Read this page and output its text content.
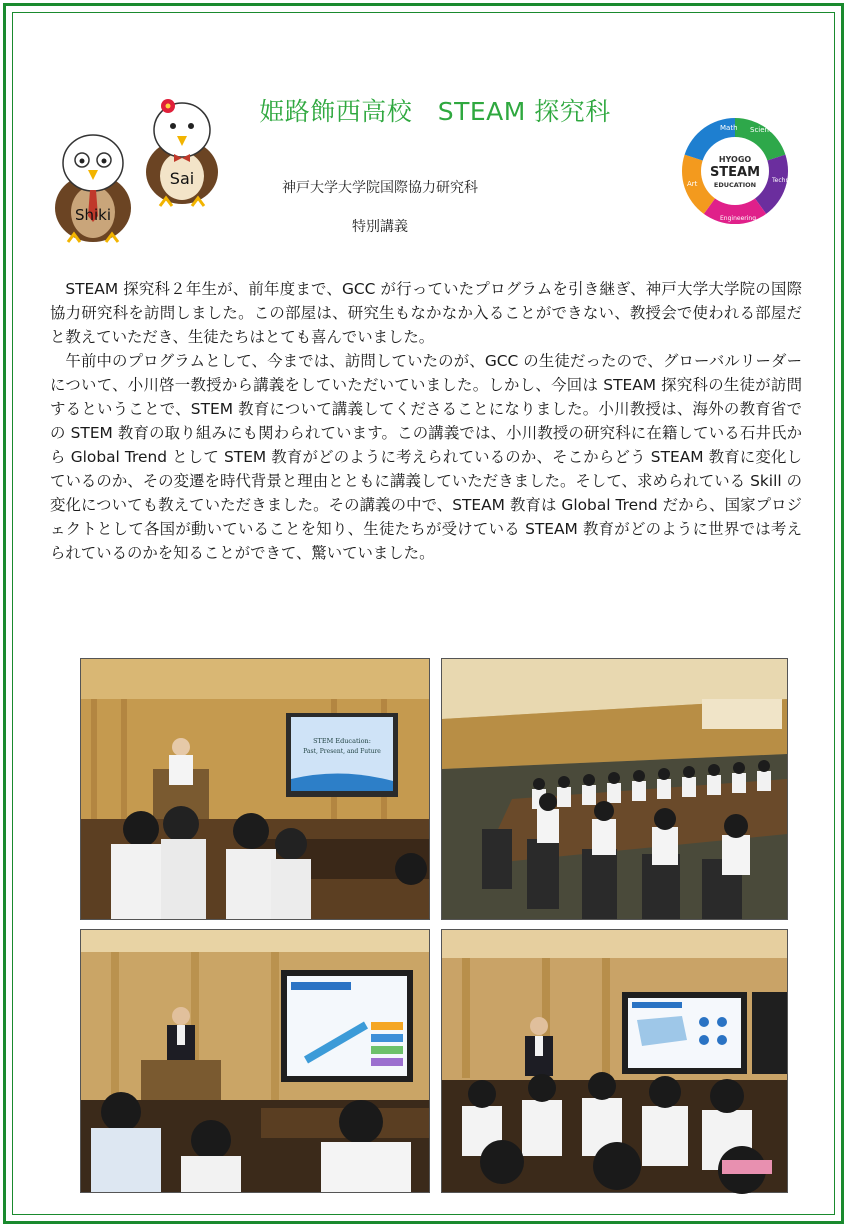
Shiki
Sai
姫路飾西高校　STEAM 探究科
神戸大学大学院国際協力研究科
特別講義
HYOGO
STEAM
EDUCATION
Math Science
Technology
Engineering
Art

STEAM 探究科２年生が、前年度まで、GCC が行っていたプログラムを引き継ぎ、神戸大学大学院の国際協力研究科を訪問しました。この部屋は、研究生もなかなか入ることができない、教授会で使われる部屋だと教えていただき、生徒たちはとても喜んでいました。

午前中のプログラムとして、今までは、訪問していたのが、GCC の生徒だったので、グローバルリーダーについて、小川啓一教授から講義をしていただいていました。しかし、今回は STEAM 探究科の生徒が訪問するということで、STEM 教育について講義してくださることになりました。小川教授は、海外の教育省での STEM 教育の取り組みにも関わられています。この講義では、小川教授の研究科に在籍している石井氏から Global Trend として STEM 教育がどのように考えられているのか、そこからどう STEAM 教育に変化しているのか、その変遷を時代背景と理由とともに講義していただきました。そして、求められている Skill の変化についても教えていただきました。その講義の中で、STEAM 教育は Global Trend だから、国家プロジェクトとして各国が動いていることを知り、生徒たちが受けている STEAM 教育がどのように世界では考えられているのかを知ることができて、驚いていました。

STEM Education:
Past, Present, and Future
